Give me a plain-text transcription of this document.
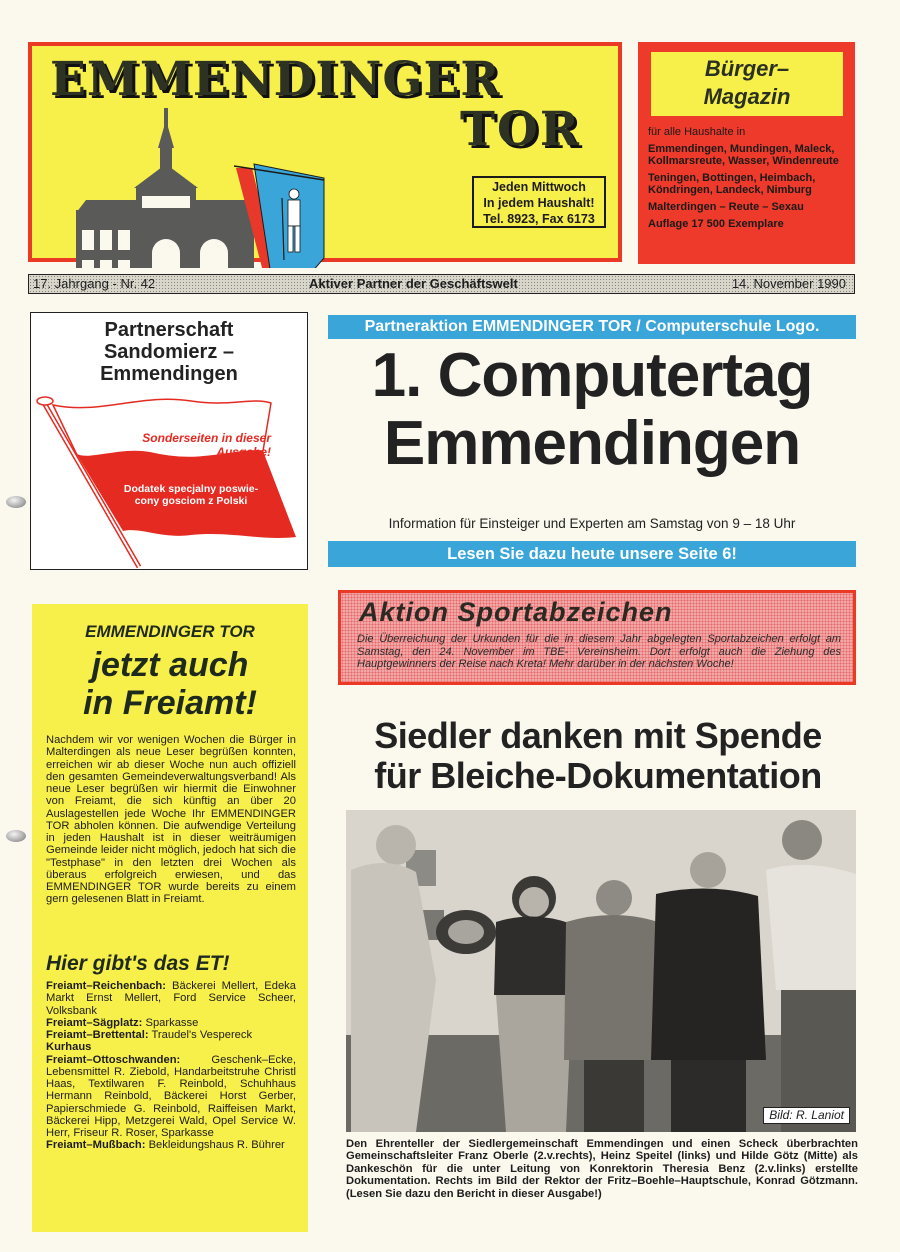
EMMENDINGER
TOR
Jeden Mittwoch
In jedem Haushalt!
Tel. 8923, Fax 6173
Bürger–
Magazin

für alle Haushalte in

Emmendingen, Mundingen, Maleck, Kollmarsreute, Wasser, Windenreute

Teningen, Bottingen, Heimbach, Köndringen, Landeck, Nimburg

Malterdingen – Reute – Sexau

Auflage 17 500 Exemplare

17. Jahrgang - Nr. 42	Aktiver Partner der Geschäftswelt	14. November 1990
Partnerschaft
Sandomierz –
Emmendingen
Sonderseiten in dieser
Ausgabe!
Dodatek specjalny poswie-
cony gosciom z Polski
Partneraktion EMMENDINGER TOR / Computerschule Logo.
1. Computertag
Emmendingen
Information für Einsteiger und Experten am Samstag von 9 – 18 Uhr
Lesen Sie dazu heute unsere Seite 6!
Aktion Sportabzeichen
Die Überreichung der Urkunden für die in diesem Jahr abgelegten Sportabzeichen erfolgt am Samstag, den 24. November im TBE- Vereinsheim. Dort erfolgt auch die Ziehung des Hauptgewinners der Reise nach Kreta! Mehr darüber in der nächsten Woche!
Siedler danken mit Spende
für Bleiche-Dokumentation
Bild: R. Laniot
Den Ehrenteller der Siedlergemeinschaft Emmendingen und einen Scheck überbrachten Gemeinschaftsleiter Franz Oberle (2.v.rechts), Heinz Speitel (links) und Hilde Götz (Mitte) als Dankeschön für die unter Leitung von Konrektorin Theresia Benz (2.v.links) erstellte Dokumentation. Rechts im Bild der Rektor der Fritz–Boehle–Hauptschule, Konrad Götzmann. (Lesen Sie dazu den Bericht in dieser Ausgabe!)
EMMENDINGER TOR
jetzt auch
in Freiamt!
Nachdem wir vor wenigen Wochen die Bürger in Malterdingen als neue Leser begrüßen konnten, erreichen wir ab dieser Woche nun auch offiziell den gesamten Gemeindeverwaltungsverband! Als neue Leser begrüßen wir hiermit die Einwohner von Freiamt, die sich künftig an über 20 Auslagestellen jede Woche Ihr EMMENDINGER TOR abholen können. Die aufwendige Verteilung in jeden Haushalt ist in dieser weiträumigen Gemeinde leider nicht möglich, jedoch hat sich die "Testphase" in den letzten drei Wochen als überaus erfolgreich erwiesen, und das EMMENDINGER TOR wurde bereits zu einem gern gelesenen Blatt in Freiamt.
Hier gibt's das ET!

Freiamt–Reichenbach: Bäckerei Mellert, Edeka Markt Ernst Mellert, Ford Service Scheer, Volksbank

Freiamt–Sägplatz: Sparkasse

Freiamt–Brettental: Traudel's Vespereck

Kurhaus

Freiamt–Ottoschwanden:	Geschenk–Ecke, Lebensmittel R. Ziebold, Handarbeitstruhe Christl Haas, Textilwaren F. Reinbold, Schuhhaus Hermann Reinbold, Bäckerei Horst Gerber, Papierschmiede G. Reinbold, Raiffeisen Markt, Bäckerei Hipp, Metzgerei Wald, Opel Service W. Herr, Friseur R. Roser, Sparkasse

Freiamt–Mußbach: Bekleidungshaus R. Bührer
